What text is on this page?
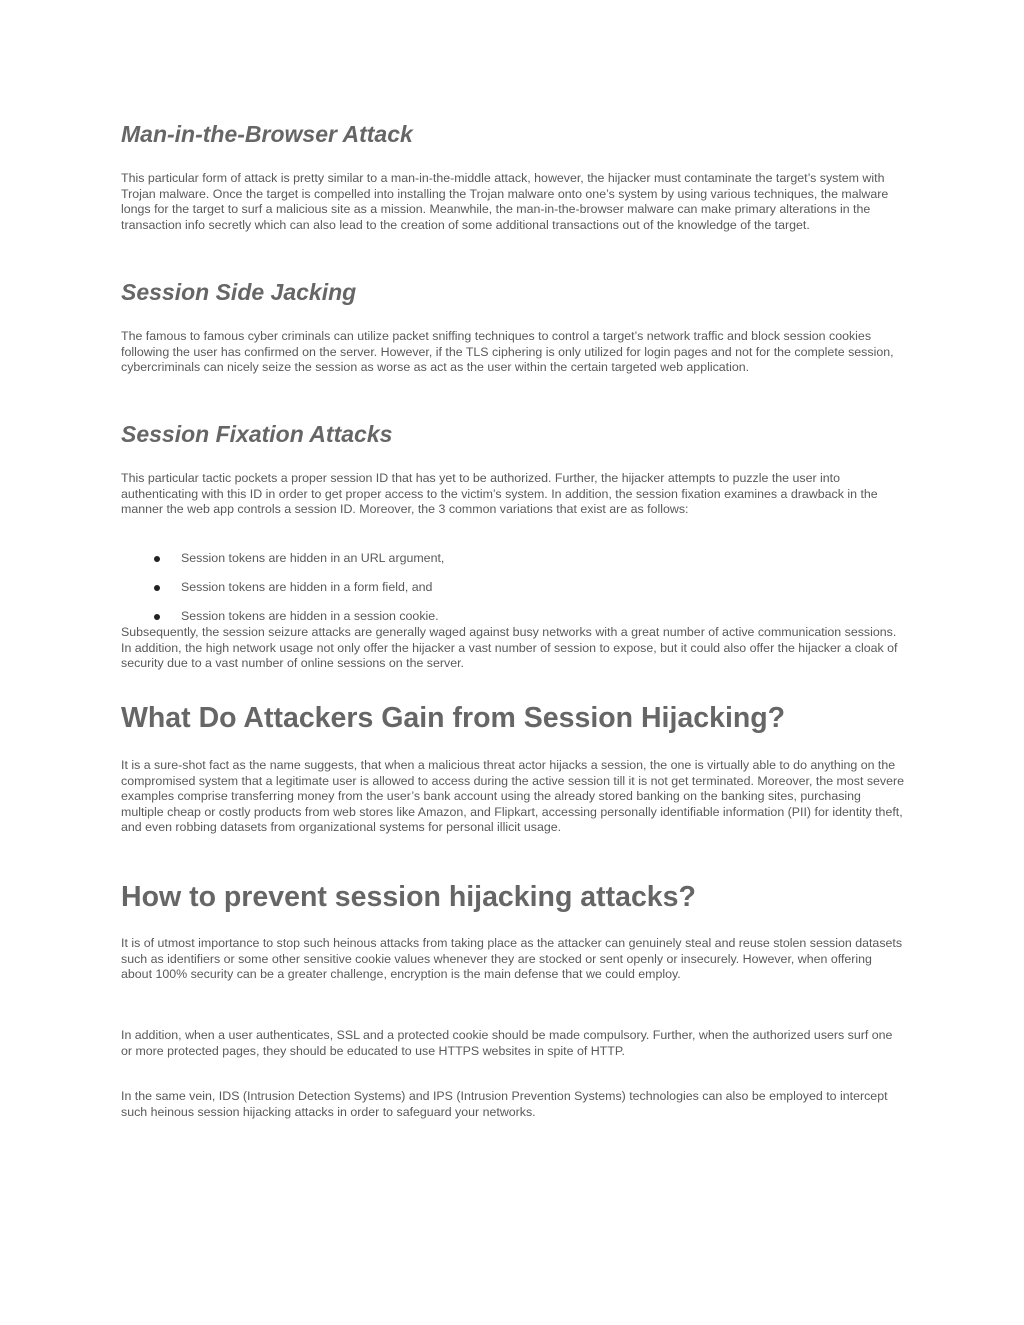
Man-in-the-Browser Attack

This particular form of attack is pretty similar to a man-in-the-middle attack, however, the hijacker must contaminate the target’s system with Trojan malware. Once the target is compelled into installing the Trojan malware onto one’s system by using various techniques, the malware longs for the target to surf a malicious site as a mission. Meanwhile, the man-in-the-browser malware can make primary alterations in the transaction info secretly which can also lead to the creation of some additional transactions out of the knowledge of the target.

Session Side Jacking

The famous to famous cyber criminals can utilize packet sniffing techniques to control a target’s network traffic and block session cookies following the user has confirmed on the server. However, if the TLS ciphering is only utilized for login pages and not for the complete session, cybercriminals can nicely seize the session as worse as act as the user within the certain targeted web application.

Session Fixation Attacks

This particular tactic pockets a proper session ID that has yet to be authorized. Further, the hijacker attempts to puzzle the user into authenticating with this ID in order to get proper access to the victim’s system. In addition, the session fixation examines a drawback in the manner the web app controls a session ID. Moreover, the 3 common variations that exist are as follows:

Session tokens are hidden in an URL argument,
Session tokens are hidden in a form field, and
Session tokens are hidden in a session cookie.

Subsequently, the session seizure attacks are generally waged against busy networks with a great number of active communication sessions. In addition, the high network usage not only offer the hijacker a vast number of session to expose, but it could also offer the hijacker a cloak of security due to a vast number of online sessions on the server.

What Do Attackers Gain from Session Hijacking?

It is a sure-shot fact as the name suggests, that when a malicious threat actor hijacks a session, the one is virtually able to do anything on the compromised system that a legitimate user is allowed to access during the active session till it is not get terminated. Moreover, the most severe examples comprise transferring money from the user’s bank account using the already stored banking on the banking sites, purchasing multiple cheap or costly products from web stores like Amazon, and Flipkart, accessing personally identifiable information (PII) for identity theft, and even robbing datasets from organizational systems for personal illicit usage.

How to prevent session hijacking attacks?

It is of utmost importance to stop such heinous attacks from taking place as the attacker can genuinely steal and reuse stolen session datasets such as identifiers or some other sensitive cookie values whenever they are stocked or sent openly or insecurely. However, when offering about 100% security can be a greater challenge, encryption is the main defense that we could employ.

In addition, when a user authenticates, SSL and a protected cookie should be made compulsory. Further, when the authorized users surf one or more protected pages, they should be educated to use HTTPS websites in spite of HTTP.

In the same vein, IDS (Intrusion Detection Systems) and IPS (Intrusion Prevention Systems) technologies can also be employed to intercept such heinous session hijacking attacks in order to safeguard your networks.
